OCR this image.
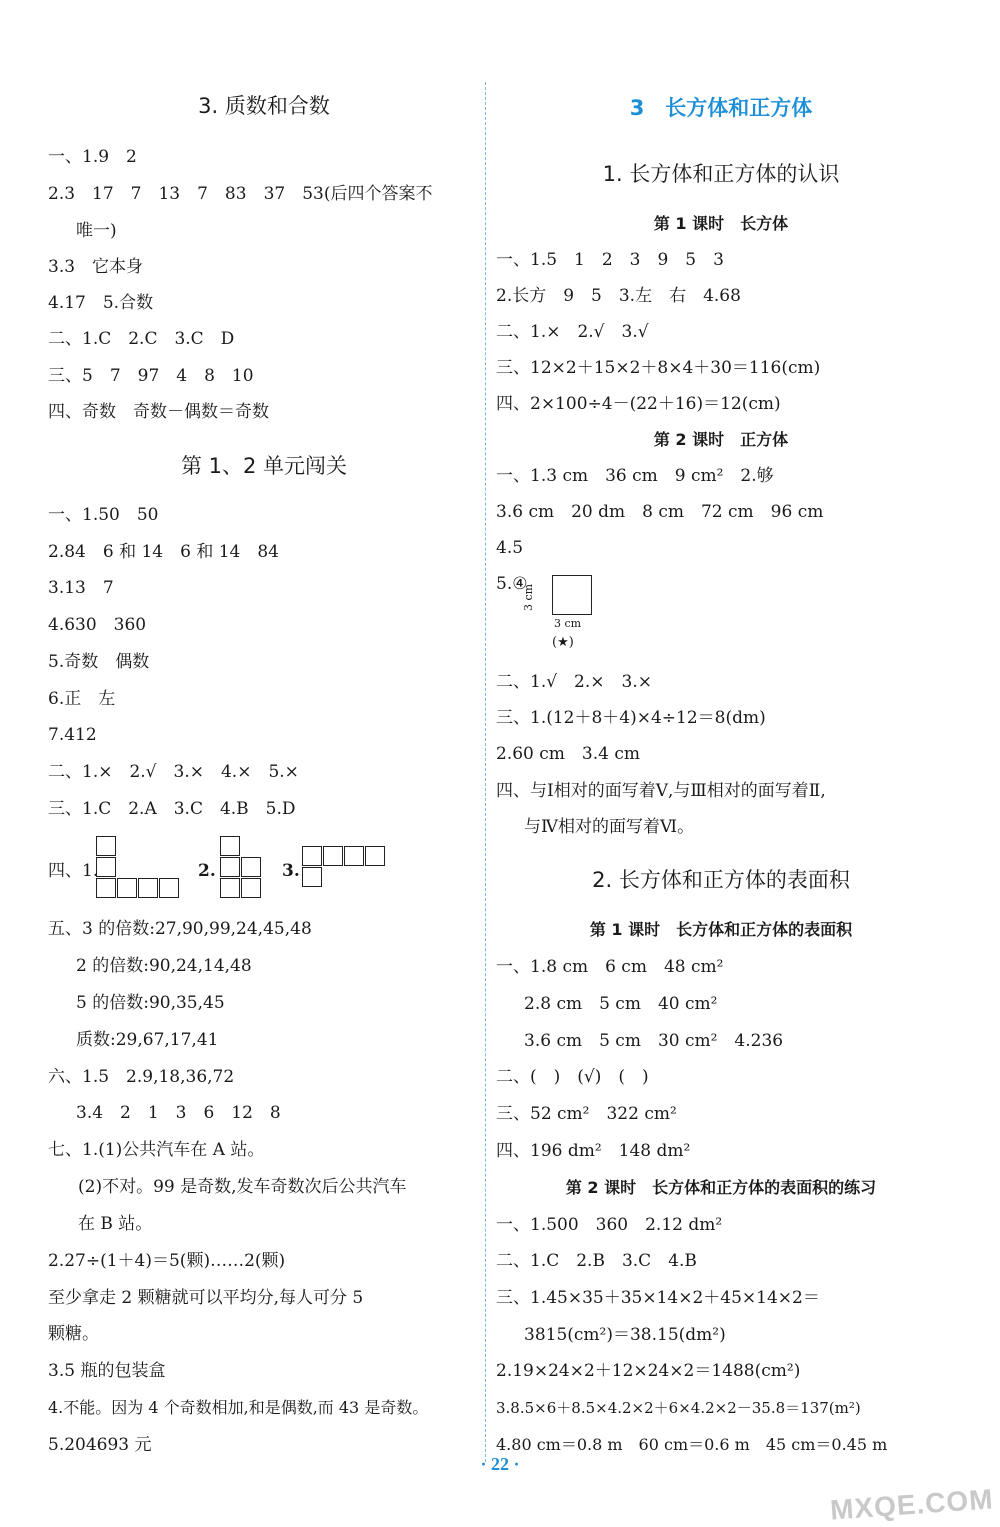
3. 质数和合数
一、1.9　2
2.3　17　7　13　7　83　37　53(后四个答案不
唯一)
3.3　它本身
4.17　5.合数
二、1.C　2.C　3.C　D
三、5　7　97　4　8　10
四、奇数　奇数－偶数＝奇数
第 1、2 单元闯关
一、1.50　50
2.84　6 和 14　6 和 14　84
3.13　7
4.630　360
5.奇数　偶数
6.正　左
7.412
二、1.×　2.√　3.×　4.×　5.×
三、1.C　2.A　3.C　4.B　5.D
四、1.	2.	3.
五、3 的倍数:27,90,99,24,45,48
2 的倍数:90,24,14,48
5 的倍数:90,35,45
质数:29,67,17,41
六、1.5　2.9,18,36,72
3.4　2　1　3　6　12　8
七、1.(1)公共汽车在 A 站。
(2)不对。99 是奇数,发车奇数次后公共汽车
在 B 站。
2.27÷(1＋4)＝5(颗)……2(颗)
至少拿走 2 颗糖就可以平均分,每人可分 5
颗糖。
3.5 瓶的包装盒
4.不能。因为 4 个奇数相加,和是偶数,而 43 是奇数。
5.204693 元
3　长方体和正方体
1. 长方体和正方体的认识
第 1 课时　长方体
一、1.5　1　2　3　9　5　3
2.长方　9　5　3.左　右　4.68
二、1.×　2.√　3.√
三、12×2＋15×2＋8×4＋30＝116(cm)
四、2×100÷4－(22＋16)＝12(cm)
第 2 课时　正方体
一、1.3 cm　36 cm　9 cm²　2.够
3.6 cm　20 dm　8 cm　72 cm　96 cm
4.5
5.④
3 cm
3 cm
(★)
二、1.√　2.×　3.×
三、1.(12＋8＋4)×4÷12＝8(dm)
2.60 cm　3.4 cm
四、与Ⅰ相对的面写着Ⅴ,与Ⅲ相对的面写着Ⅱ,
与Ⅳ相对的面写着Ⅵ。
2. 长方体和正方体的表面积
第 1 课时　长方体和正方体的表面积
一、1.8 cm　6 cm　48 cm²
2.8 cm　5 cm　40 cm²
3.6 cm　5 cm　30 cm²　4.236
二、(　)　(√)　(　)
三、52 cm²　322 cm²
四、196 dm²　148 dm²
第 2 课时　长方体和正方体的表面积的练习
一、1.500　360　2.12 dm²
二、1.C　2.B　3.C　4.B
三、1.45×35＋35×14×2＋45×14×2＝
3815(cm²)＝38.15(dm²)
2.19×24×2＋12×24×2＝1488(cm²)
3.8.5×6＋8.5×4.2×2＋6×4.2×2－35.8＝137(m²)
4.80 cm＝0.8 m　60 cm＝0.6 m　45 cm＝0.45 m
· 22 ·
MXQE.COM
